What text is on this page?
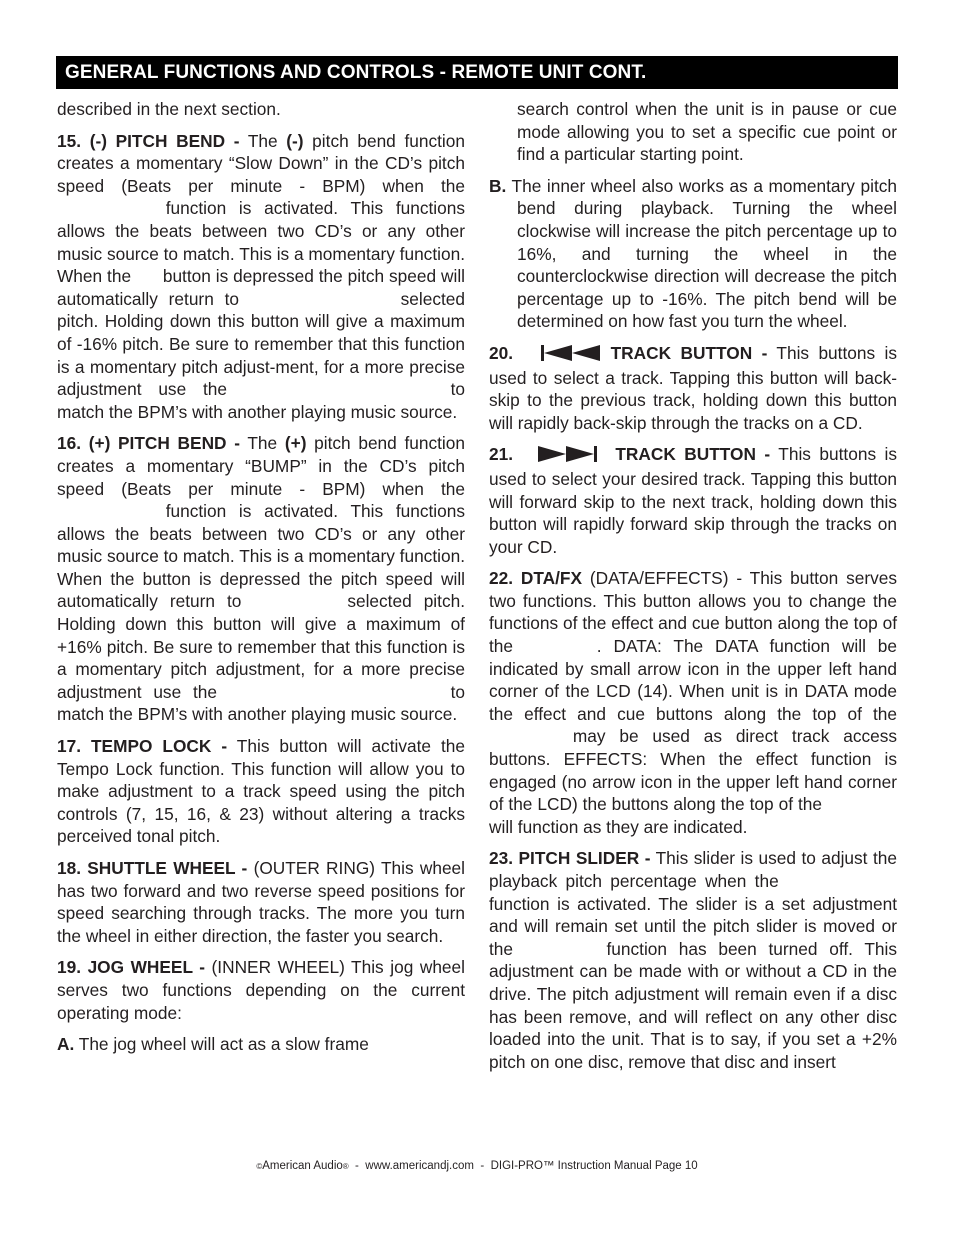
GENERAL FUNCTIONS AND CONTROLS - REMOTE UNIT CONT.

described in the next section.

15. (-) PITCH BEND - The (-) pitch bend function creates a momentary “Slow Down” in the CD’s pitch speed (Beats per minute - BPM) when the  function is activated. This functions allows the beats between two CD’s or any other music source to match. This is a momentary function. When the  button is depressed the pitch speed will automatically return to	selected pitch. Holding down this button will give a maximum of -16% pitch. Be sure to remember that this function is a momentary pitch adjust-ment, for a more precise adjustment use the	to match the BPM’s with another playing music source.

16. (+) PITCH BEND - The (+) pitch bend function creates a momentary “BUMP” in the CD’s pitch speed (Beats per minute - BPM) when the  function is activated. This functions allows the beats between two CD’s or any other music source to match. This is a momentary function. When the button is depressed the pitch speed will automatically return to	selected pitch. Holding down this button will give a maximum of +16% pitch. Be sure to remember that this function is a momentary pitch adjustment, for a more precise adjustment use the	to match the BPM’s with another playing music source.

17. TEMPO LOCK - This button will activate the Tempo Lock function. This function will allow you to make adjustment to a track speed using the pitch controls (7, 15, 16, & 23) without altering a tracks perceived tonal pitch.

18. SHUTTLE WHEEL - (OUTER RING) This wheel has two forward and two reverse speed positions for speed searching through tracks. The more you turn the wheel in either direction, the faster you search.

19. JOG WHEEL - (INNER WHEEL) This jog wheel serves two functions depending on the current operating mode:

A. The jog wheel will act as a slow frame

search control when the unit is in pause or cue mode allowing you to set a specific cue point or find a particular starting point.

B. The inner wheel also works as a momentary pitch bend during playback. Turning the wheel clockwise will increase the pitch percentage up to 16%, and turning the wheel in the counterclockwise direction will decrease the pitch percentage up to -16%. The pitch bend will be determined on how fast you turn the wheel.

20.	TRACK BUTTON - This buttons is used to select a track. Tapping this button will back-skip to the previous track, holding down this button will rapidly back-skip through the tracks on a CD.

21.	TRACK BUTTON - This buttons is used to select your desired track. Tapping this button will forward skip to the next track, holding down this button will rapidly forward skip through the tracks on your CD.

22. DTA/FX (DATA/EFFECTS) - This button serves two functions. This button allows you to change the functions of the effect and cue button along the top of the	. DATA: The DATA function will be indicated by small arrow icon in the upper left hand corner of the LCD (14). When unit is in DATA mode the effect and cue buttons along the top of the  may be used as direct track access buttons. EFFECTS: When the effect function is engaged (no arrow icon in the upper left hand corner of the LCD) the buttons along the top of the  will function as they are indicated.

23. PITCH SLIDER - This slider is used to adjust the playback pitch percentage when the  function is activated. The slider is a set adjustment and will remain set until the pitch slider is moved or the	function has been turned off. This adjustment can be made with or without a CD in the drive. The pitch adjustment will remain even if a disc has been remove, and will reflect on any other disc loaded into the unit. That is to say, if you set a +2% pitch on one disc, remove that disc and insert

©American Audio®  -  www.americandj.com  -  DIGI-PRO™ Instruction Manual Page 10
